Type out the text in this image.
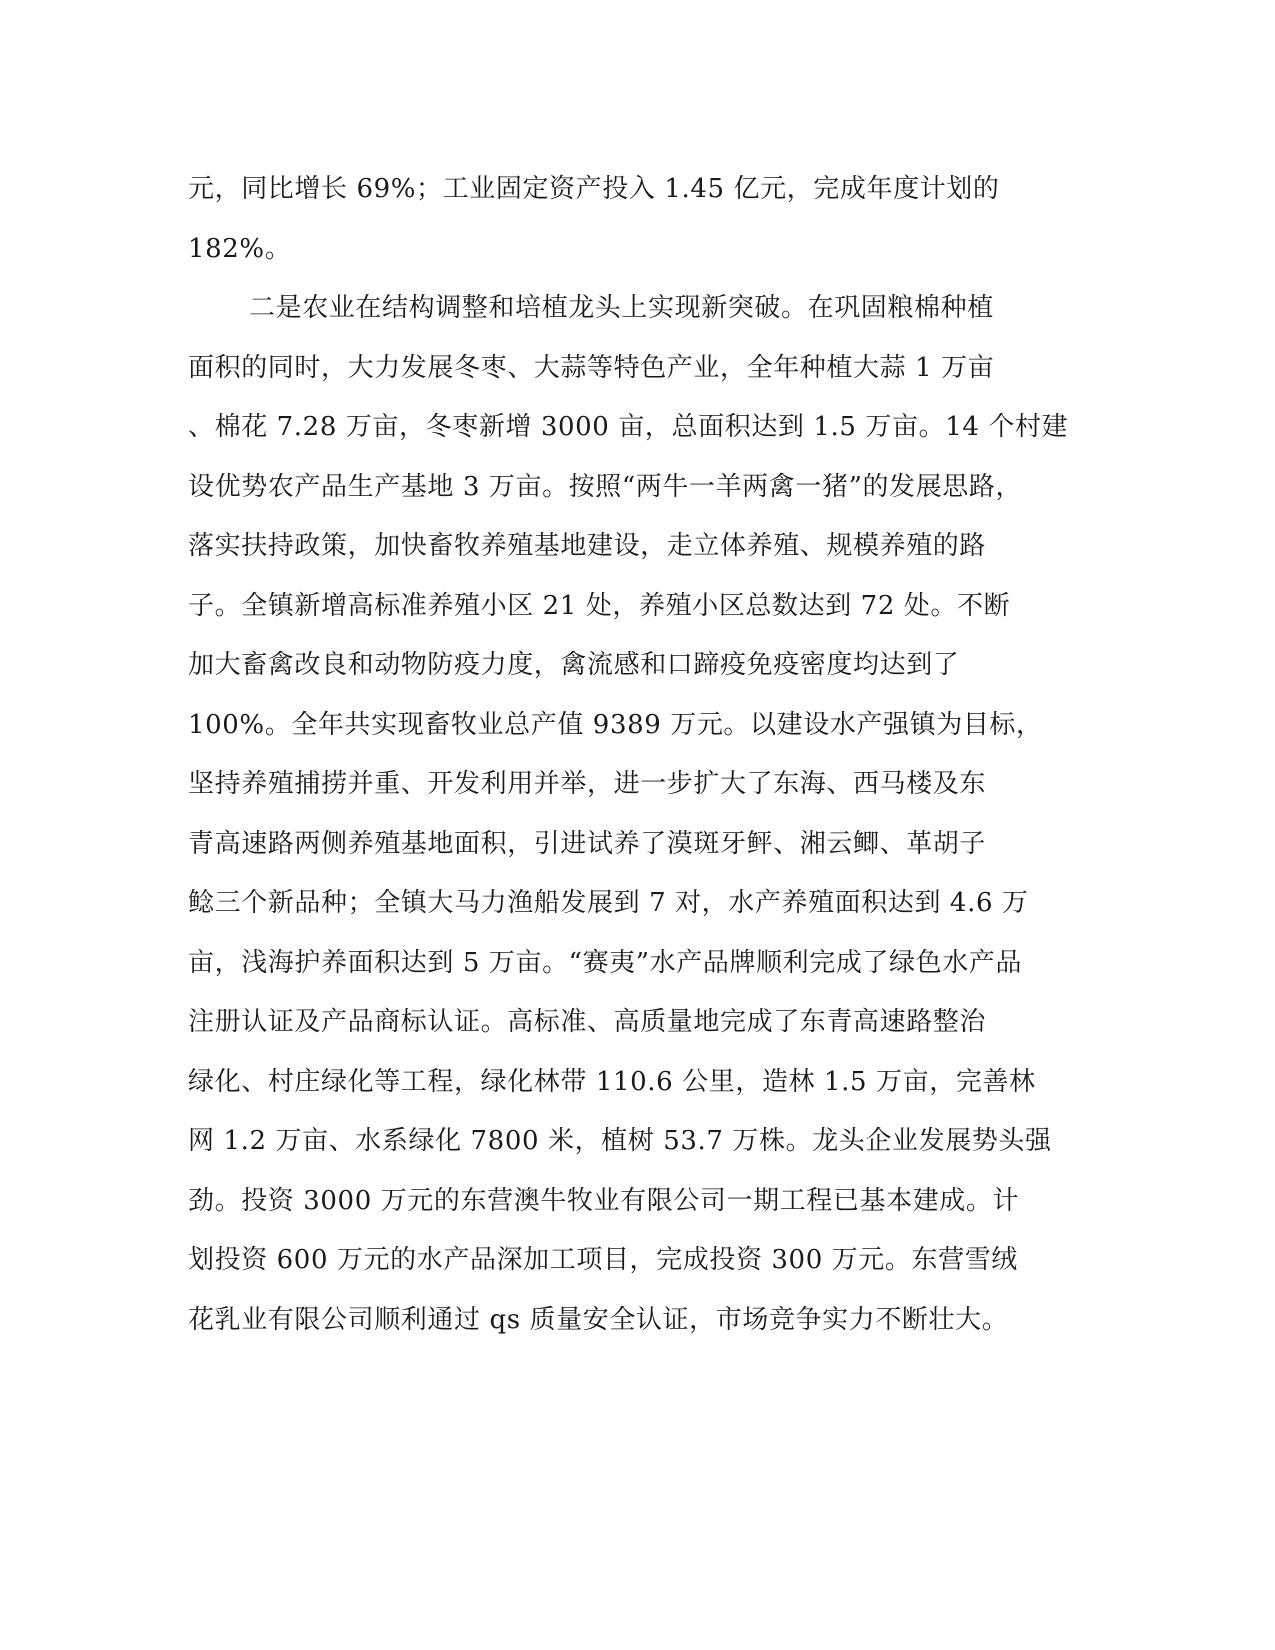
元，同比增长 69%；工业固定资产投入 1.45 亿元，完成年度计划的
182%。
二是农业在结构调整和培植龙头上实现新突破。在巩固粮棉种植
面积的同时，大力发展冬枣、大蒜等特色产业，全年种植大蒜 1 万亩
、棉花 7.28 万亩，冬枣新增 3000 亩，总面积达到 1.5 万亩。14 个村建
设优势农产品生产基地 3 万亩。按照“两牛一羊两禽一猪”的发展思路，
落实扶持政策，加快畜牧养殖基地建设，走立体养殖、规模养殖的路
子。全镇新增高标准养殖小区 21 处，养殖小区总数达到 72 处。不断
加大畜禽改良和动物防疫力度，禽流感和口蹄疫免疫密度均达到了
100%。全年共实现畜牧业总产值 9389 万元。以建设水产强镇为目标，
坚持养殖捕捞并重、开发利用并举，进一步扩大了东海、西马楼及东
青高速路两侧养殖基地面积，引进试养了漠斑牙鲆、湘云鲫、革胡子
鲶三个新品种；全镇大马力渔船发展到 7 对，水产养殖面积达到 4.6 万
亩，浅海护养面积达到 5 万亩。“赛夷”水产品牌顺利完成了绿色水产品
注册认证及产品商标认证。高标准、高质量地完成了东青高速路整治
绿化、村庄绿化等工程，绿化林带 110.6 公里，造林 1.5 万亩，完善林
网 1.2 万亩、水系绿化 7800 米，植树 53.7 万株。龙头企业发展势头强
劲。投资 3000 万元的东营澳牛牧业有限公司一期工程已基本建成。计
划投资 600 万元的水产品深加工项目，完成投资 300 万元。东营雪绒
花乳业有限公司顺利通过 qs 质量安全认证，市场竞争实力不断壮大。
